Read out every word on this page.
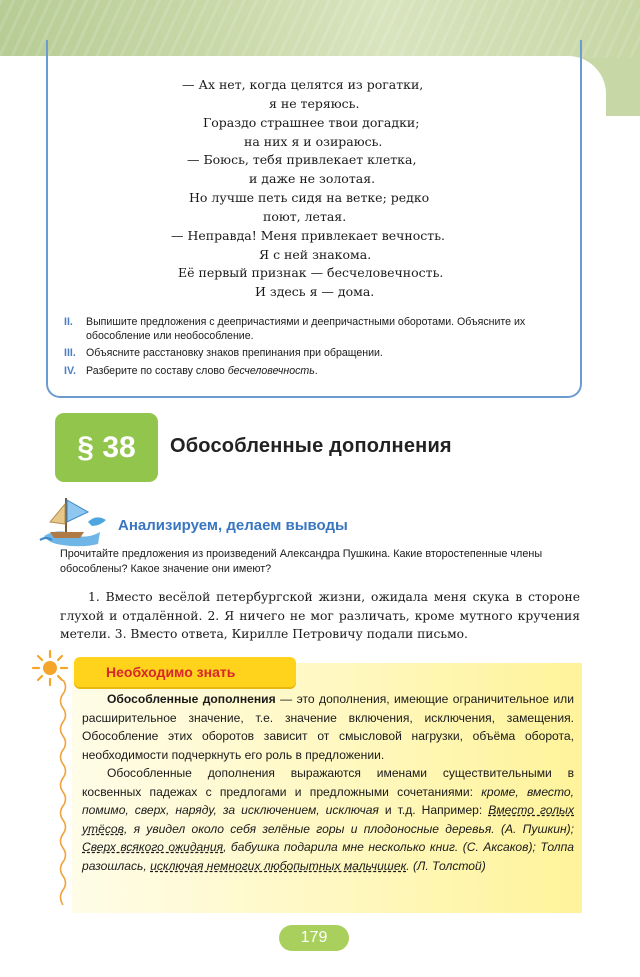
— Ах нет, когда целятся из рогатки,
я не теряюсь.
Гораздо страшнее твои догадки;
на них я и озираюсь.
— Боюсь, тебя привлекает клетка,
и даже не золотая.
Но лучше петь сидя на ветке; редко
поют, летая.
— Неправда! Меня привлекает вечность.
Я с ней знакома.
Её первый признак — бесчеловечность.
И здесь я — дома.
II. Выпишите предложения с деепричастиями и деепричастными оборотами. Объясните их обособление или необособление.
III. Объясните расстановку знаков препинания при обращении.
IV. Разберите по составу слово бесчеловечность.
§ 38	Обособленные дополнения
Анализируем, делаем выводы
Прочитайте предложения из произведений Александра Пушкина. Какие второстепенные члены обособлены? Какое значение они имеют?
1. Вместо весёлой петербургской жизни, ожидала меня скука в стороне глухой и отдалённой. 2. Я ничего не мог различать, кроме мутного кручения метели. 3. Вместо ответа, Кирилле Петровичу подали письмо.
Необходимо знать

Обособленные дополнения — это дополнения, имеющие ограничительное или расширительное значение, т.е. значение включения, исключения, замещения. Обособление этих оборотов зависит от смысловой нагрузки, объёма оборота, необходимости подчеркнуть его роль в предложении.

Обособленные дополнения выражаются именами существительными в косвенных падежах с предлогами и предложными сочетаниями: кроме, вместо, помимо, сверх, наряду, за исключением, исключая и т.д. Например: Вместо голых утёсов, я увидел около себя зелёные горы и плодоносные деревья. (А. Пушкин); Сверх всякого ожидания, бабушка подарила мне несколько книг. (С. Аксаков); Толпа разошлась, исключая немногих любопытных мальчишек. (Л. Толстой)

179
